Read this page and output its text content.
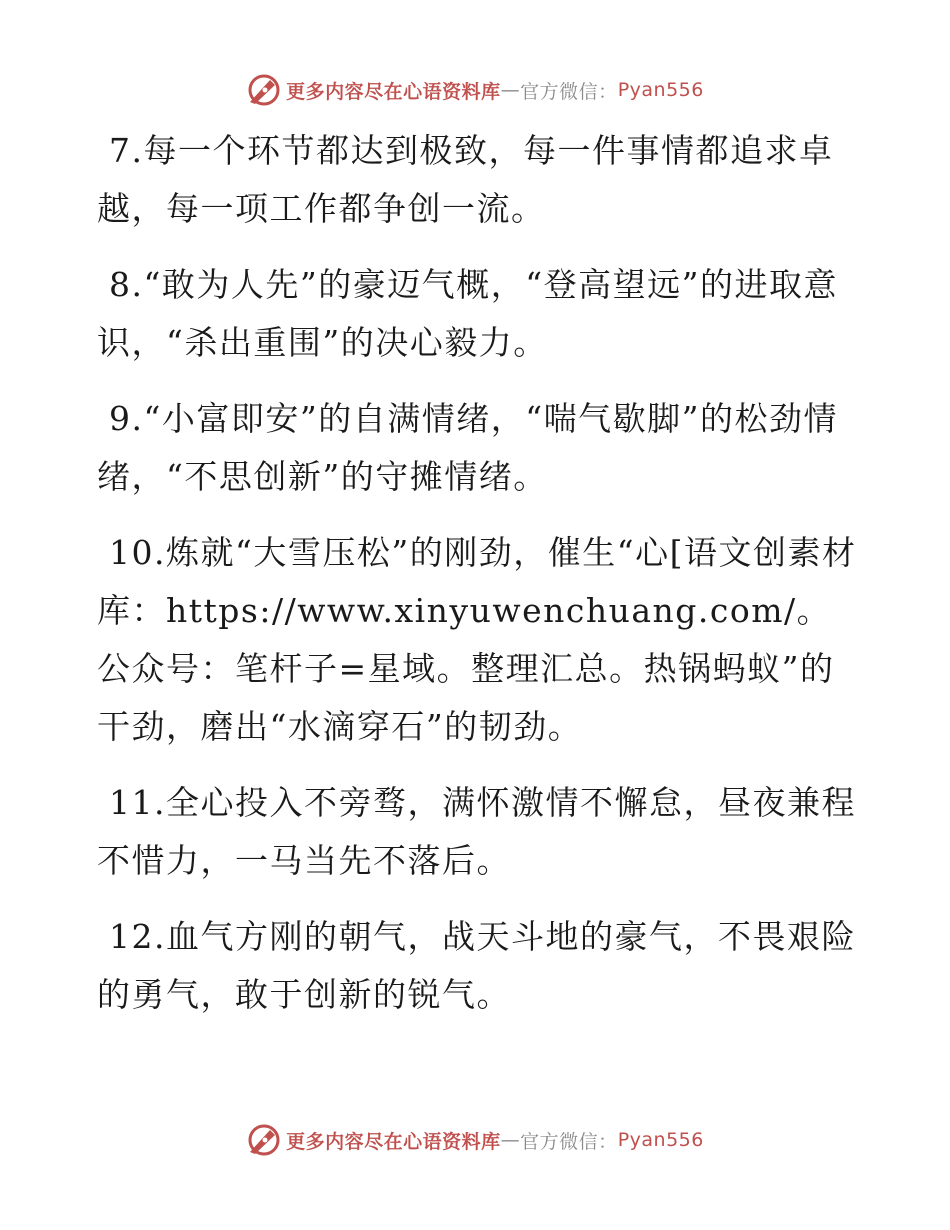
更多内容尽在心语资料库 — 官方微信： Pyan556

7.每一个环节都达到极致，每一件事情都追求卓越，每一项工作都争创一流。

8.“敢为人先”的豪迈气概，“登高望远”的进取意识，“杀出重围”的决心毅力。

9.“小富即安”的自满情绪，“喘气歇脚”的松劲情绪，“不思创新”的守摊情绪。

10.炼就“大雪压松”的刚劲，催生“心[语文创素材库：https://www.xinyuwenchuang.com/。公众号：笔杆子=星域。整理汇总。热锅蚂蚁”的干劲，磨出“水滴穿石”的韧劲。

11.全心投入不旁骛，满怀激情不懈怠，昼夜兼程不惜力，一马当先不落后。

12.血气方刚的朝气，战天斗地的豪气，不畏艰险的勇气，敢于创新的锐气。

更多内容尽在心语资料库 — 官方微信： Pyan556
